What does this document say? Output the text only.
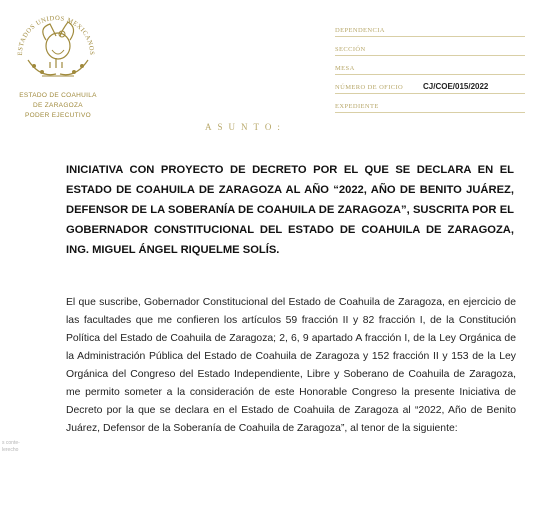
ESTADOS UNIDOS MEXICANOS
ESTADO DE COAHUILA
DE ZARAGOZA
PODER EJECUTIVO
DEPENDENCIA
SECCIÓN
MESA
NÚMERO DE OFICIO CJ/COE/015/2022
EXPEDIENTE
ASUNTO:
INICIATIVA CON PROYECTO DE DECRETO POR EL QUE SE DECLARA EN EL ESTADO DE COAHUILA DE ZARAGOZA AL AÑO “2022, AÑO DE BENITO JUÁREZ, DEFENSOR DE LA SOBERANÍA DE COAHUILA DE ZARAGOZA”, SUSCRITA POR EL GOBERNADOR CONSTITUCIONAL DEL ESTADO DE COAHUILA DE ZARAGOZA, ING. MIGUEL ÁNGEL RIQUELME SOLÍS.
El que suscribe, Gobernador Constitucional del Estado de Coahuila de Zaragoza, en ejercicio de las facultades que me confieren los artículos 59 fracción II y 82 fracción I, de la Constitución Política del Estado de Coahuila de Zaragoza; 2, 6, 9 apartado A fracción I, de la Ley Orgánica de la Administración Pública del Estado de Coahuila de Zaragoza y 152 fracción II y 153 de la Ley Orgánica del Congreso del Estado Independiente, Libre y Soberano de Coahuila de Zaragoza, me permito someter a la consideración de este Honorable Congreso la presente Iniciativa de Decreto por la que se declara en el Estado de Coahuila de Zaragoza al “2022, Año de Benito Juárez, Defensor de la Soberanía de Coahuila de Zaragoza”, al tenor de la siguiente:
s conte- lerecho
